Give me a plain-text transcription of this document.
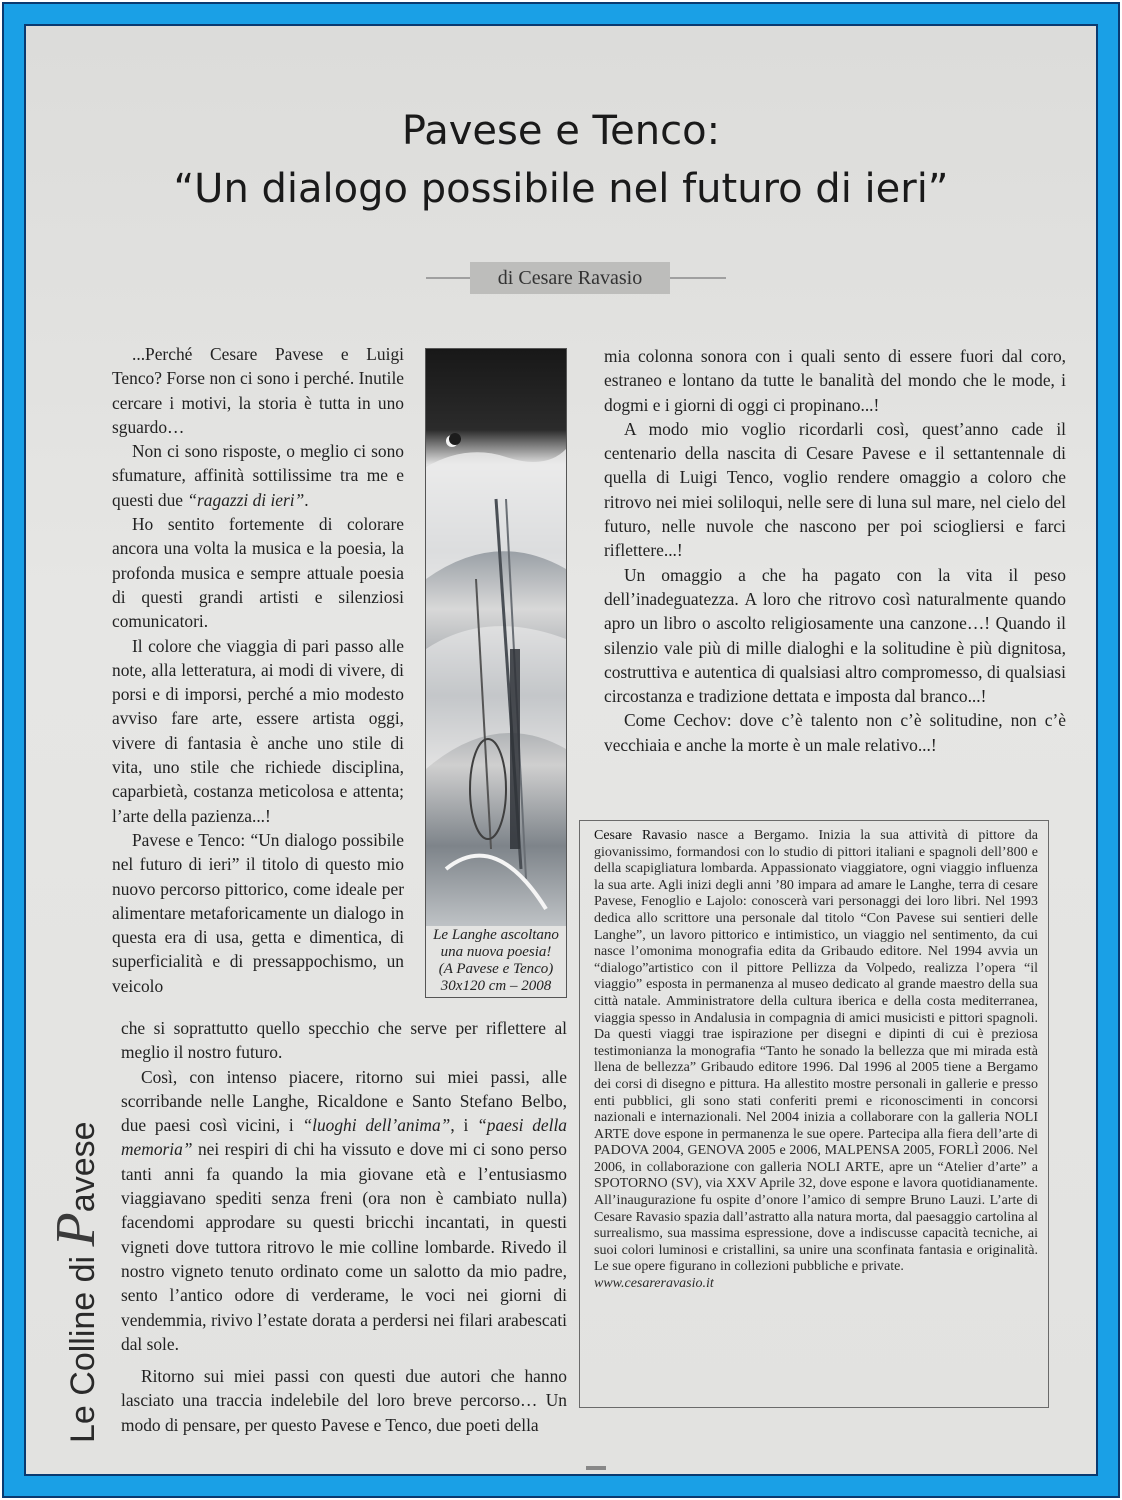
Pavese e Tenco:
“Un dialogo possibile nel futuro di ieri”
di Cesare Ravasio

...Perché Cesare Pavese e Luigi Tenco? Forse non ci sono i perché. Inutile cercare i motivi, la storia è tutta in uno sguardo…

Non ci sono risposte, o meglio ci sono sfumature, affinità sottilissime tra me e questi due “ragazzi di ieri”.

Ho sentito fortemente di colorare ancora una volta la musica e la poesia, la profonda musica e sempre attuale poesia di questi grandi artisti e silenziosi comunicatori.

Il colore che viaggia di pari passo alle note, alla letteratura, ai modi di vivere, di porsi e di imporsi, perché a mio modesto avviso fare arte, essere artista oggi, vivere di fantasia è anche uno stile di vita, uno stile che richiede disciplina, caparbietà, costanza meticolosa e attenta; l’arte della pazienza...!

Pavese e Tenco: “Un dialogo possibile nel futuro di ieri” il titolo di questo mio nuovo percorso pittorico, come ideale per alimentare metaforicamente un dialogo in questa era di usa, getta e dimentica, di superficialità e di pressappochismo, un veicolo

Le Langhe ascoltano
una nuova poesia!
(A Pavese e Tenco)
30x120 cm – 2008

che si soprattutto quello specchio che serve per riflettere al meglio il nostro futuro.

Così, con intenso piacere, ritorno sui miei passi, alle scorribande nelle Langhe, Ricaldone e Santo Stefano Belbo, due paesi così vicini, i “luoghi dell’anima”, i “paesi della memoria” nei respiri di chi ha vissuto e dove mi ci sono perso tanti anni fa quando la mia giovane età e l’entusiasmo viaggiavano spediti senza freni (ora non è cambiato nulla) facendomi approdare su questi bricchi incantati, in questi vigneti dove tuttora ritrovo le mie colline lombarde. Rivedo il nostro vigneto tenuto ordinato come un salotto da mio padre, sento l’antico odore di verderame, le voci nei giorni di vendemmia, rivivo l’estate dorata a perdersi nei filari arabescati dal sole.

Ritorno sui miei passi con questi due autori che hanno lasciato una traccia indelebile del loro breve percorso… Un modo di pensare, per questo Pavese e Tenco, due poeti della

mia colonna sonora con i quali sento di essere fuori dal coro, estraneo e lontano da tutte le banalità del mondo che le mode, i dogmi e i giorni di oggi ci propinano...!

A modo mio voglio ricordarli così, quest’anno cade il centenario della nascita di Cesare Pavese e il settantennale di quella di Luigi Tenco, voglio rendere omaggio a coloro che ritrovo nei miei soliloqui, nelle sere di luna sul mare, nel cielo del futuro, nelle nuvole che nascono per poi sciogliersi e farci riflettere...!

Un omaggio a che ha pagato con la vita il peso dell’inadeguatezza. A loro che ritrovo così naturalmente quando apro un libro o ascolto religiosamente una canzone…! Quando il silenzio vale più di mille dialoghi e la solitudine è più dignitosa, costruttiva e autentica di qualsiasi altro compromesso, di qualsiasi circostanza e tradizione dettata e imposta dal branco...!

Come Cechov: dove c’è talento non c’è solitudine, non c’è vecchiaia e anche la morte è un male relativo...!

Cesare Ravasio nasce a Bergamo. Inizia la sua attività di pittore da giovanissimo, formandosi con lo studio di pittori italiani e spagnoli dell’800 e della scapigliatura lombarda. Appassionato viaggiatore, ogni viaggio influenza la sua arte. Agli inizi degli anni ’80 impara ad amare le Langhe, terra di cesare Pavese, Fenoglio e Lajolo: conoscerà vari personaggi dei loro libri. Nel 1993 dedica allo scrittore una personale dal titolo “Con Pavese sui sentieri delle Langhe”, un lavoro pittorico e intimistico, un viaggio nel sentimento, da cui nasce l’omonima monografia edita da Gribaudo editore. Nel 1994 avvia un “dialogo”artistico con il pittore Pellizza da Volpedo, realizza l’opera “il viaggio” esposta in permanenza al museo dedicato al grande maestro della sua città natale. Amministratore della cultura iberica e della costa mediterranea, viaggia spesso in Andalusia in compagnia di amici musicisti e pittori spagnoli. Da questi viaggi trae ispirazione per disegni e dipinti di cui è preziosa testimonianza la monografia “Tanto he sonado la bellezza que mi mirada està llena de bellezza” Gribaudo editore 1996. Dal 1996 al 2005 tiene a Bergamo dei corsi di disegno e pittura. Ha allestito mostre personali in gallerie e presso enti pubblici, gli sono stati conferiti premi e riconoscimenti in concorsi nazionali e internazionali. Nel 2004 inizia a collaborare con la galleria NOLI ARTE dove espone in permanenza le sue opere. Partecipa alla fiera dell’arte di PADOVA 2004, GENOVA 2005 e 2006, MALPENSA 2005, FORLÌ 2006. Nel 2006, in collaborazione con galleria NOLI ARTE, apre un “Atelier d’arte” a SPOTORNO (SV), via XXV Aprile 32, dove espone e lavora quotidianamente. All’inaugurazione fu ospite d’onore l’amico di sempre Bruno Lauzi. L’arte di Cesare Ravasio spazia dall’astratto alla natura morta, dal paesaggio cartolina al surrealismo, sua massima espressione, dove a indiscusse capacità tecniche, ai suoi colori luminosi e cristallini, sa unire una sconfinata fantasia e originalità. Le sue opere figurano in collezioni pubbliche e private.
www.cesareravasio.it
Le Colline di Pavese
